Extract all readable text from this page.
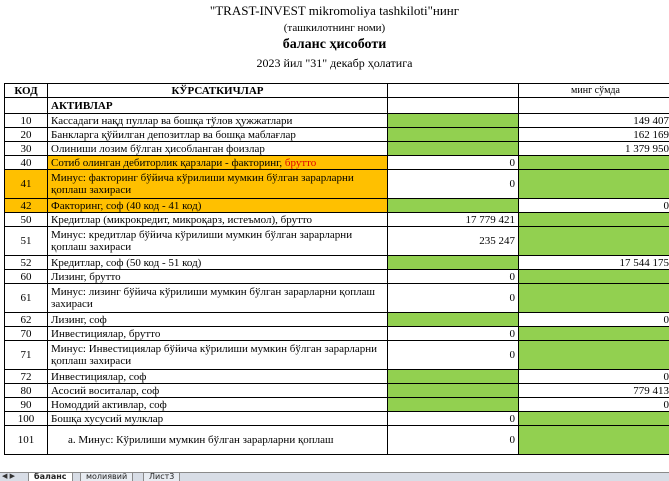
"TRAST-INVEST mikromoliya tashkiloti"нинг
(ташкилотнинг номи)
баланс ҳисоботи
2023 йил "31" декабр ҳолатига
КОД	КЎРСАТКИЧЛАР		минг сўмда
	АКТИВЛАР		
10	Кассадаги нақд пуллар ва бошқа тўлов ҳужжатлари		149 407
20	Банкларга қўйилган депозитлар ва бошқа маблағлар		162 169
30	Олиниши лозим бўлган ҳисобланган фоизлар		1 379 950
40	Сотиб олинган дебиторлик қарзлари - факторинг, брутто	0	
41	Минус: факторинг бўйича кўрилиши мумкин бўлган зарарларни қоплаш захираси	0	
42	Факторинг, соф (40 код - 41 код)		0
50	Кредитлар (микрокредит, микроқарз, истеъмол), брутто	17 779 421	
51	Минус: кредитлар бўйича кўрилиши мумкин бўлган зарарларни қоплаш захираси	235 247	
52	Кредитлар, соф (50 код - 51 код)		17 544 175
60	Лизинг, брутто	0	
61	Минус: лизинг бўйича кўрилиши мумкин бўлган зарарларни қоплаш захираси	0	
62	Лизинг, соф		0
70	Инвестициялар, брутто	0	
71	Минус: Инвестициялар бўйича кўрилиши мумкин бўлган зарарларни қоплаш захираси	0	
72	Инвестициялар, соф		0
80	Асосий воситалар, соф		779 413
90	Номоддий активлар, соф		0
100	Бошқа хусусий мулклар	0	
101	а. Минус: Кўрилиши мумкин бўлган зарарларни қоплаш	0	
◀ ▶	баланс	молиявий	Лист3
